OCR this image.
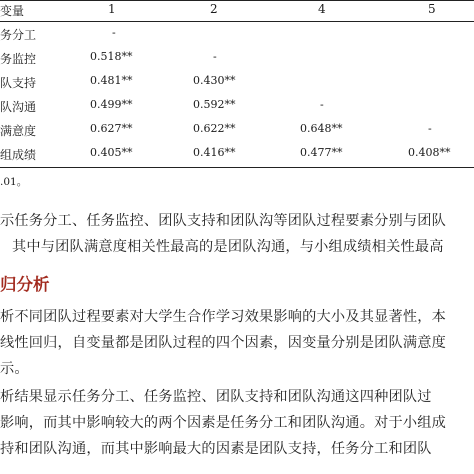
变量	1	2	4	5
务分工	-
务监控	0.518**	-
队支持	0.481**	0.430**
队沟通	0.499**	0.592**	-
满意度	0.627**	0.622**	0.648**	-
组成绩	0.405**	0.416**	0.477**	0.408**
.01。
示任务分工、任务监控、团队支持和团队沟等团队过程要素分别与团队
其中与团队满意度相关性最高的是团队沟通，与小组成绩相关性最高
归分析
析不同团队过程要素对大学生合作学习效果影响的大小及其显著性，本
线性回归，自变量都是团队过程的四个因素，因变量分别是团队满意度
示。
析结果显示任务分工、任务监控、团队支持和团队沟通这四种团队过
影响，而其中影响较大的两个因素是任务分工和团队沟通。对于小组成
持和团队沟通，而其中影响最大的因素是团队支持，任务分工和团队
